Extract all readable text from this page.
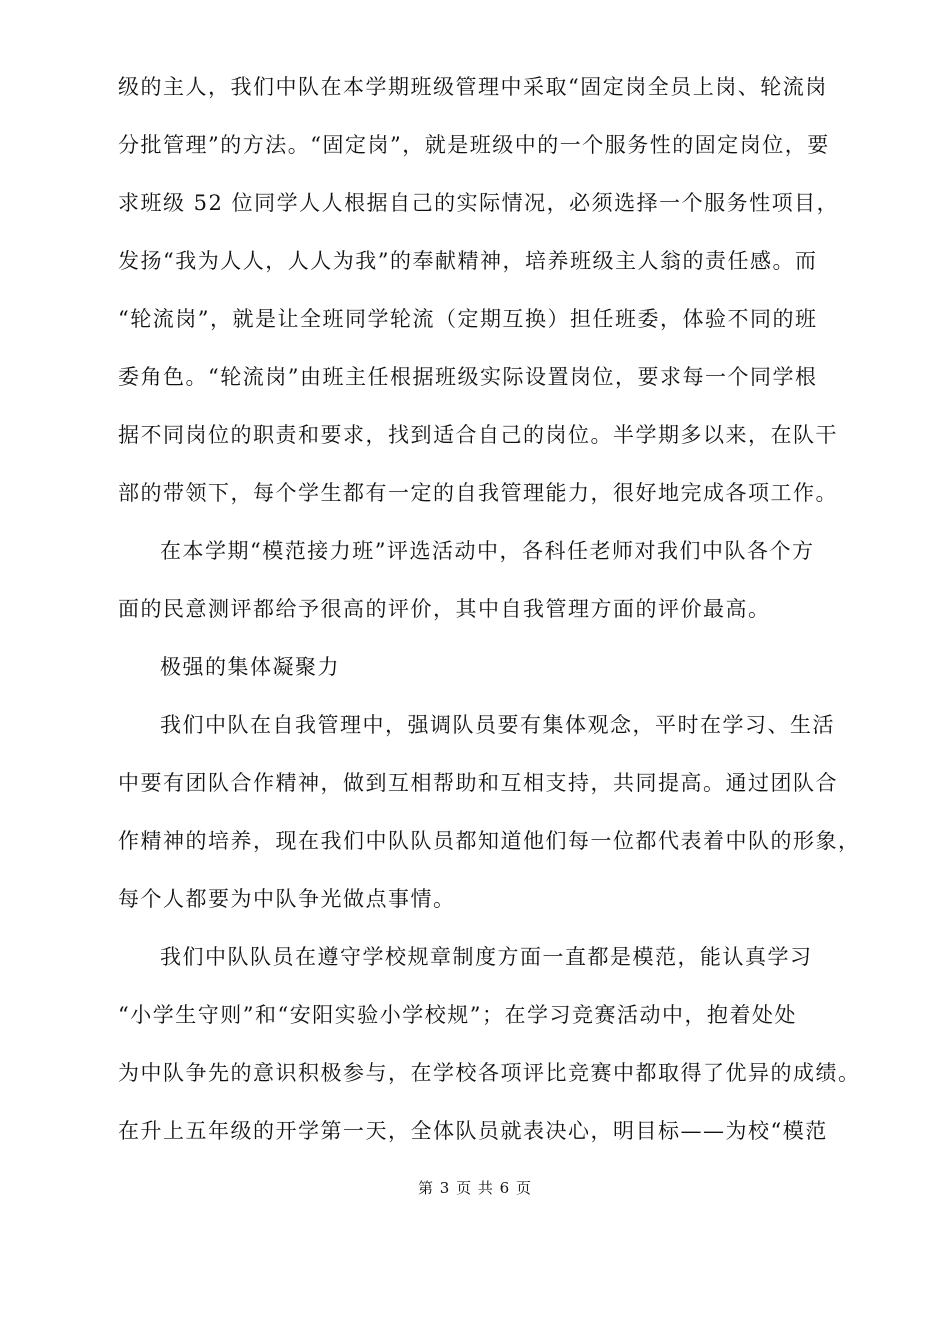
级的主人，我们中队在本学期班级管理中采取“固定岗全员上岗、轮流岗
分批管理”的方法。“固定岗”，就是班级中的一个服务性的固定岗位，要
求班级 52 位同学人人根据自己的实际情况，必须选择一个服务性项目，
发扬“我为人人，人人为我”的奉献精神，培养班级主人翁的责任感。而
“轮流岗”，就是让全班同学轮流（定期互换）担任班委，体验不同的班
委角色。“轮流岗”由班主任根据班级实际设置岗位，要求每一个同学根
据不同岗位的职责和要求，找到适合自己的岗位。半学期多以来，在队干
部的带领下，每个学生都有一定的自我管理能力，很好地完成各项工作。
在本学期“模范接力班”评选活动中，各科任老师对我们中队各个方
面的民意测评都给予很高的评价，其中自我管理方面的评价最高。
极强的集体凝聚力
我们中队在自我管理中，强调队员要有集体观念，平时在学习、生活
中要有团队合作精神，做到互相帮助和互相支持，共同提高。通过团队合
作精神的培养，现在我们中队队员都知道他们每一位都代表着中队的形象，
每个人都要为中队争光做点事情。
我们中队队员在遵守学校规章制度方面一直都是模范，能认真学习
“小学生守则”和“安阳实验小学校规”；在学习竞赛活动中，抱着处处
为中队争先的意识积极参与，在学校各项评比竞赛中都取得了优异的成绩。
在升上五年级的开学第一天，全体队员就表决心，明目标——为校“模范
第 3 页 共 6 页
